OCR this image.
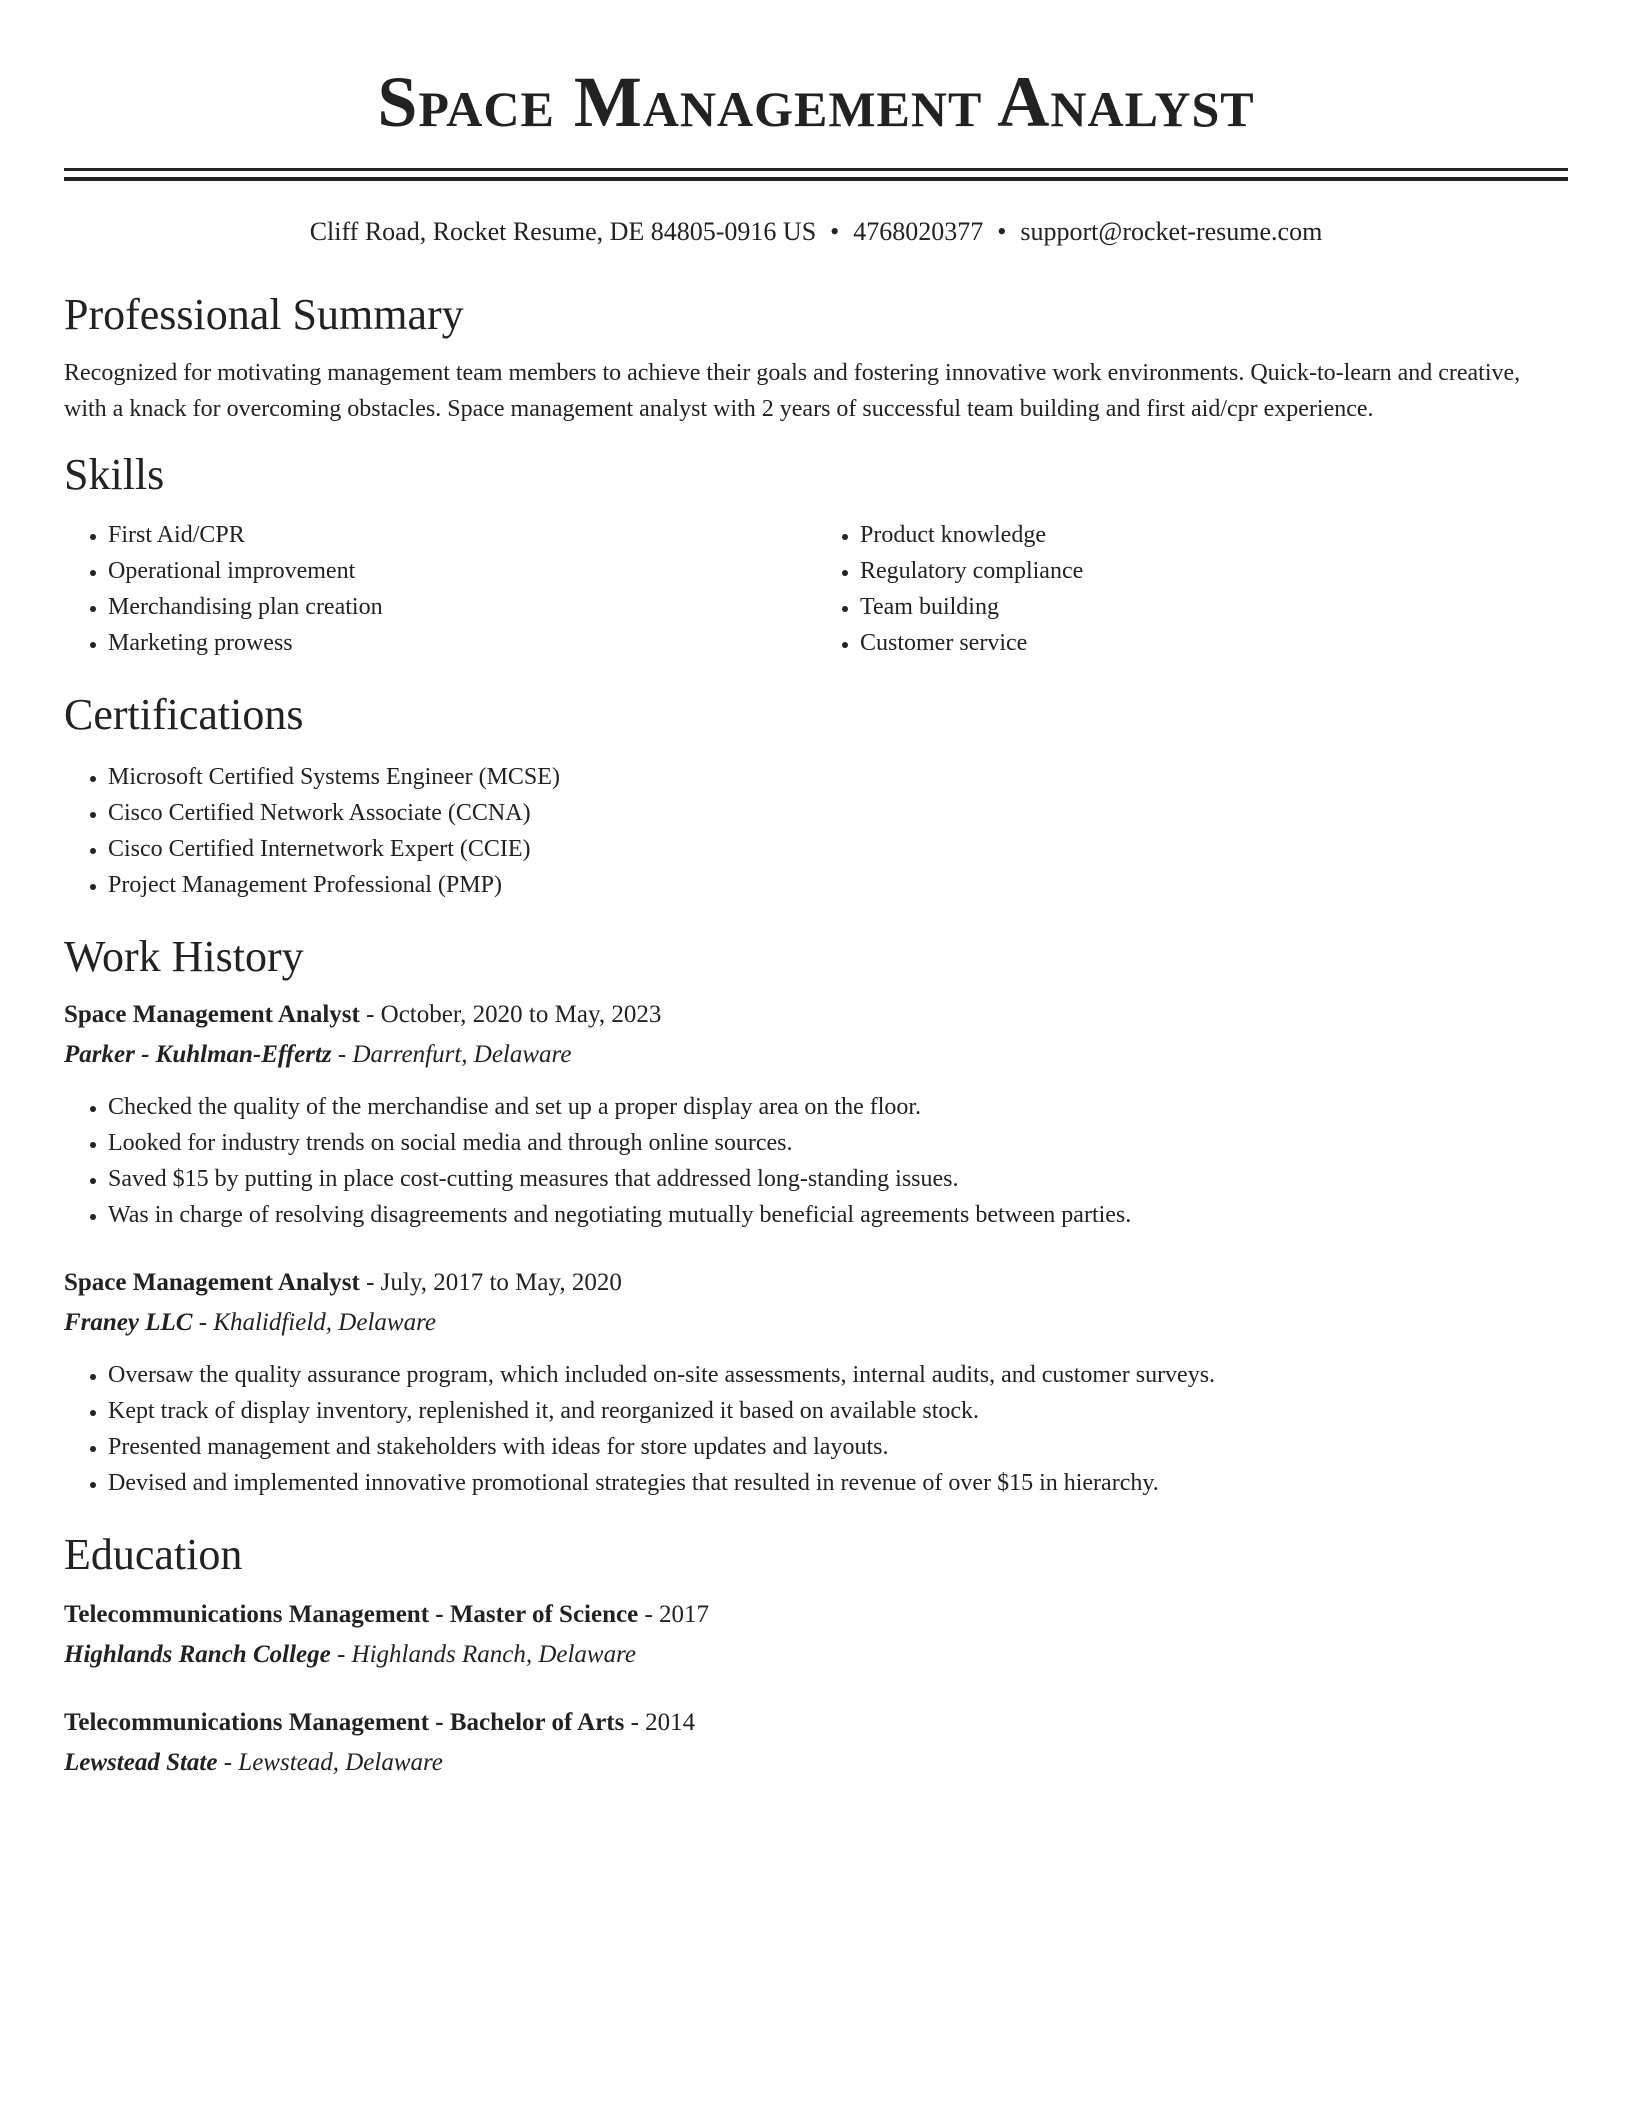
Space Management Analyst
Cliff Road, Rocket Resume, DE 84805-0916 US • 4768020377 • support@rocket-resume.com
Professional Summary
Recognized for motivating management team members to achieve their goals and fostering innovative work environments. Quick-to-learn and creative, with a knack for overcoming obstacles. Space management analyst with 2 years of successful team building and first aid/cpr experience.
Skills
• First Aid/CPR
• Operational improvement
• Merchandising plan creation
• Marketing prowess
• Product knowledge
• Regulatory compliance
• Team building
• Customer service
Certifications
• Microsoft Certified Systems Engineer (MCSE)
• Cisco Certified Network Associate (CCNA)
• Cisco Certified Internetwork Expert (CCIE)
• Project Management Professional (PMP)
Work History
Space Management Analyst - October, 2020 to May, 2023
Parker - Kuhlman-Effertz - Darrenfurt, Delaware
• Checked the quality of the merchandise and set up a proper display area on the floor.
• Looked for industry trends on social media and through online sources.
• Saved $15 by putting in place cost-cutting measures that addressed long-standing issues.
• Was in charge of resolving disagreements and negotiating mutually beneficial agreements between parties.
Space Management Analyst - July, 2017 to May, 2020
Franey LLC - Khalidfield, Delaware
• Oversaw the quality assurance program, which included on-site assessments, internal audits, and customer surveys.
• Kept track of display inventory, replenished it, and reorganized it based on available stock.
• Presented management and stakeholders with ideas for store updates and layouts.
• Devised and implemented innovative promotional strategies that resulted in revenue of over $15 in hierarchy.
Education
Telecommunications Management - Master of Science - 2017
Highlands Ranch College - Highlands Ranch, Delaware
Telecommunications Management - Bachelor of Arts - 2014
Lewstead State - Lewstead, Delaware
